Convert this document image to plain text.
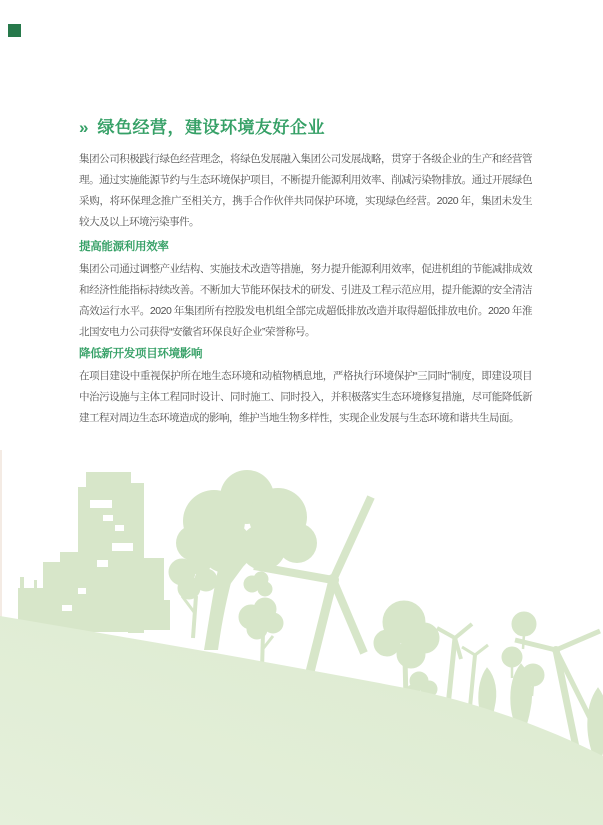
» 绿色经营，建设环境友好企业

集团公司积极践行绿色经营理念，将绿色发展融入集团公司发展战略，贯穿于各级企业的生产和经营管理。通过实施能源节约与生态环境保护项目，不断提升能源利用效率、削减污染物排放。通过开展绿色采购，将环保理念推广至相关方，携手合作伙伴共同保护环境，实现绿色经营。2020 年，集团未发生较大及以上环境污染事件。

提高能源利用效率

集团公司通过调整产业结构、实施技术改造等措施，努力提升能源利用效率，促进机组的节能减排成效和经济性能指标持续改善。不断加大节能环保技术的研发、引进及工程示范应用，提升能源的安全清洁高效运行水平。2020 年集团所有控股发电机组全部完成超低排放改造并取得超低排放电价。2020 年淮北国安电力公司获得“安徽省环保良好企业”荣誉称号。

降低新开发项目环境影响

在项目建设中重视保护所在地生态环境和动植物栖息地，严格执行环境保护“三同时”制度，即建设项目中治污设施与主体工程同时设计、同时施工、同时投入，并积极落实生态环境修复措施，尽可能降低新建工程对周边生态环境造成的影响，维护当地生物多样性，实现企业发展与生态环境和谐共生局面。
